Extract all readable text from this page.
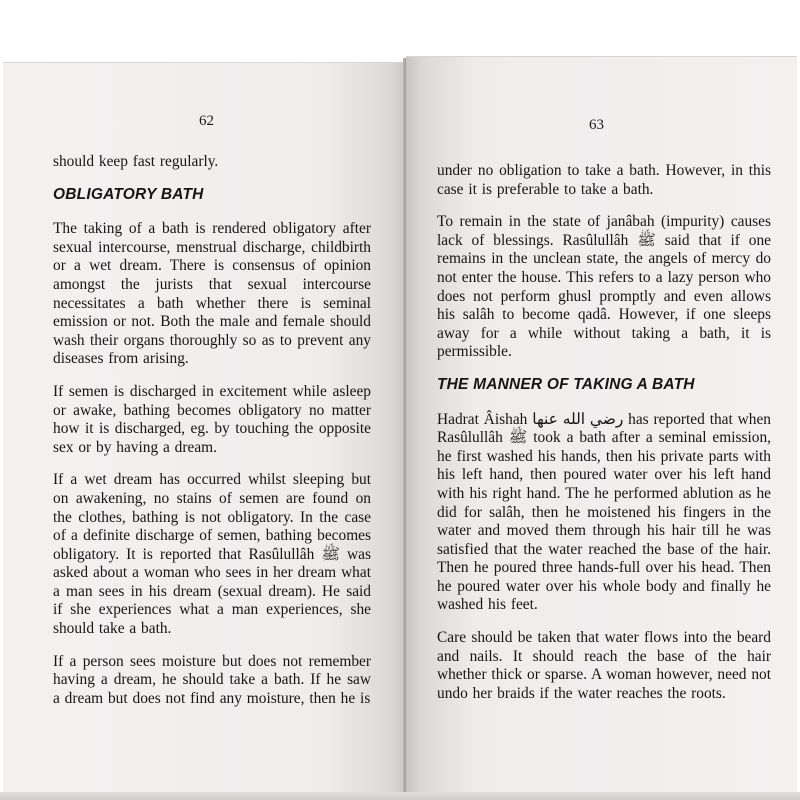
62

should keep fast regularly.

OBLIGATORY BATH

The taking of a bath is rendered obligatory after sexual intercourse, menstrual discharge, childbirth or a wet dream. There is consensus of opinion amongst the jurists that sexual intercourse necessitates a bath whether there is seminal emission or not. Both the male and female should wash their organs thoroughly so as to prevent any diseases from arising.

If semen is discharged in excitement while asleep or awake, bathing becomes obligatory no matter how it is discharged, eg. by touching the opposite sex or by having a dream.

If a wet dream has occurred whilst sleeping but on awakening, no stains of semen are found on the clothes, bathing is not obligatory. In the case of a definite discharge of semen, bathing becomes obligatory. It is reported that Rasûlullâh ﷺ was asked about a woman who sees in her dream what a man sees in his dream (sexual dream). He said if she experiences what a man experiences, she should take a bath.

If a person sees moisture but does not remember having a dream, he should take a bath. If he saw a dream but does not find any moisture, then he is

63

under no obligation to take a bath. However, in this case it is preferable to take a bath.

To remain in the state of janâbah (impurity) causes lack of blessings. Rasûlullâh ﷺ said that if one remains in the unclean state, the angels of mercy do not enter the house. This refers to a lazy person who does not perform ghusl promptly and even allows his salâh to become qadâ. However, if one sleeps away for a while without taking a bath, it is permissible.

THE MANNER OF TAKING A BATH

Hadrat Âishah رضي الله عنها has reported that when Rasûlullâh ﷺ took a bath after a seminal emission, he first washed his hands, then his private parts with his left hand, then poured water over his left hand with his right hand. The he performed ablution as he did for salâh, then he moistened his fingers in the water and moved them through his hair till he was satisfied that the water reached the base of the hair. Then he poured three hands-full over his head. Then he poured water over his whole body and finally he washed his feet.

Care should be taken that water flows into the beard and nails. It should reach the base of the hair whether thick or sparse. A woman however, need not undo her braids if the water reaches the roots.
